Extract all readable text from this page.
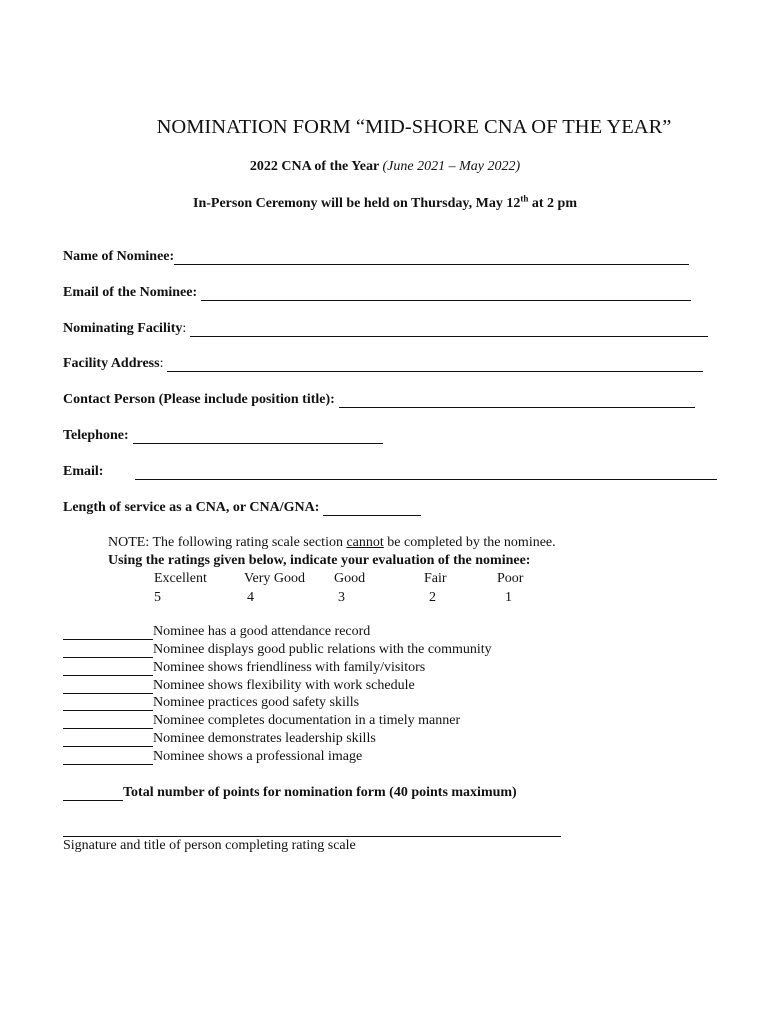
NOMINATION FORM “MID-SHORE CNA OF THE YEAR”
2022 CNA of the Year (June 2021 – May 2022)
In-Person Ceremony will be held on Thursday, May 12th at 2 pm
Name of Nominee:
Email of the Nominee:
Nominating Facility :
Facility Address :
Contact Person (Please include position title):
Telephone:
Email:
Length of service as a CNA, or CNA/GNA:
NOTE: The following rating scale section cannot be completed by the nominee.
Using the ratings given below, indicate your evaluation of the nominee:
Excellent	Very Good Good	Fair	Poor
5	4	3	2	1
Nominee has a good attendance record
Nominee displays good public relations with the community
Nominee shows friendliness with family/visitors
Nominee shows flexibility with work schedule
Nominee practices good safety skills
Nominee completes documentation in a timely manner
Nominee demonstrates leadership skills
Nominee shows a professional image
Total number of points for nomination form (40 points maximum)
Signature and title of person completing rating scale
